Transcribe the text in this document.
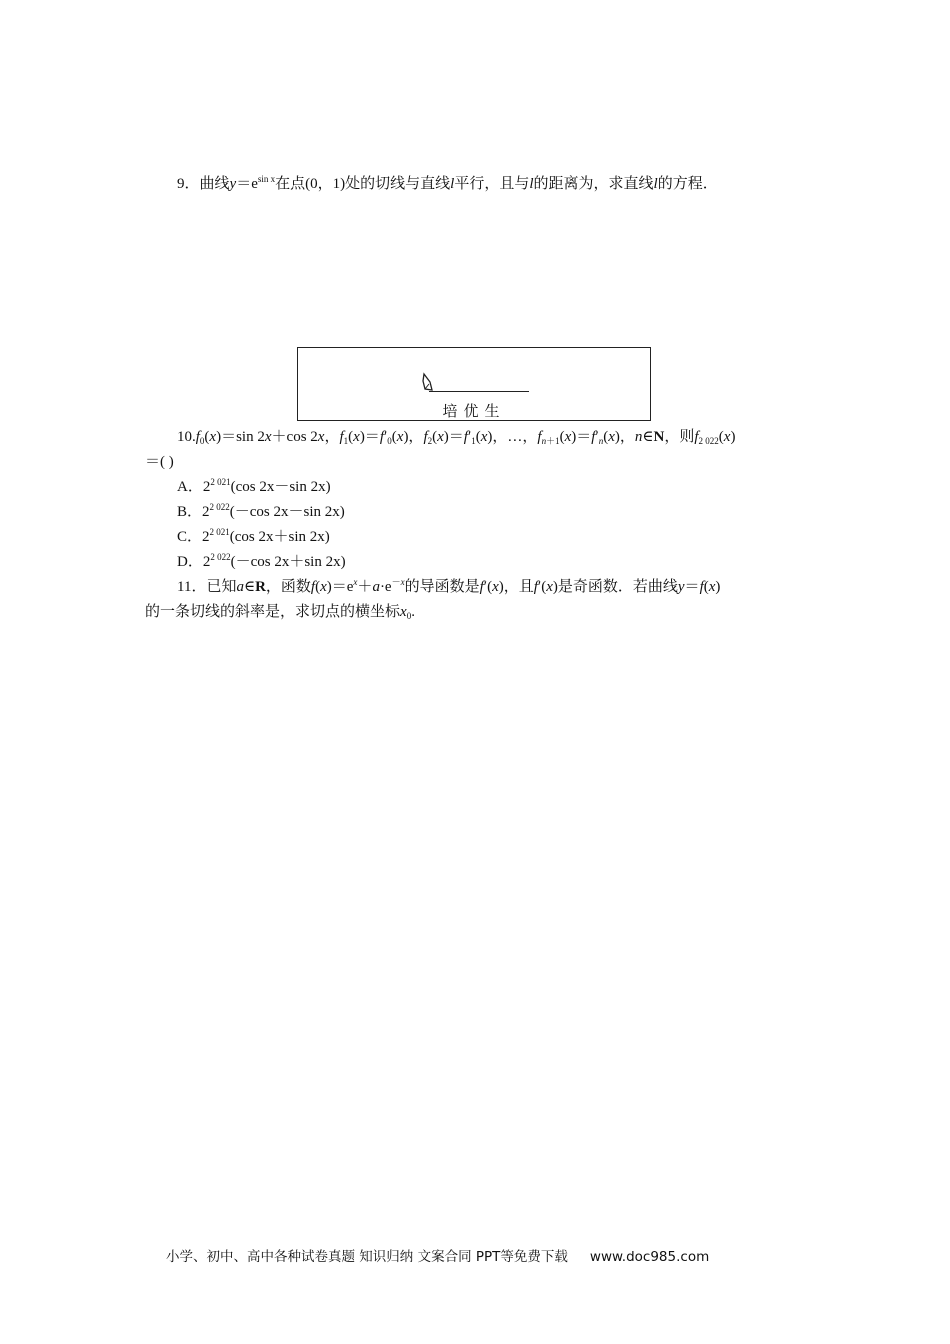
9．曲线$y=e^{sin x}$在点(0，1)处的切线与直线l平行，且与l的距离为，求直线l的方程．
培优生
$10.f_0(x)=\sin$ 2x＋cos 2x，$f_1(x)=f'_0(x)$，$f_2(x)=f'_1(x)$，…，$f_{n+1}(x)=f'_n(x)$，n∈N，则$f_{2 022}(x)$
＝( )
A．$2^{2 021}(\cos$ 2x－sin 2x)
B．$2^{2 022}(-\cos$ 2x－sin 2x)
C．$2^{2 021}(\cos$ 2x＋sin 2x)
D．$2^{2 022}(-\cos$ 2x＋sin 2x)
11．已知a∈R，函数$f(x)=e^x+a\cdot e^{-x}$的导函数是f′(x)，且f′(x)是奇函数．若曲线y＝f(x)
的一条切线的斜率是，求切点的横坐标$x_0$.
小学、初中、高中各种试卷真题 知识归纳 文案合同 PPT等免费下载 www.doc985.com
